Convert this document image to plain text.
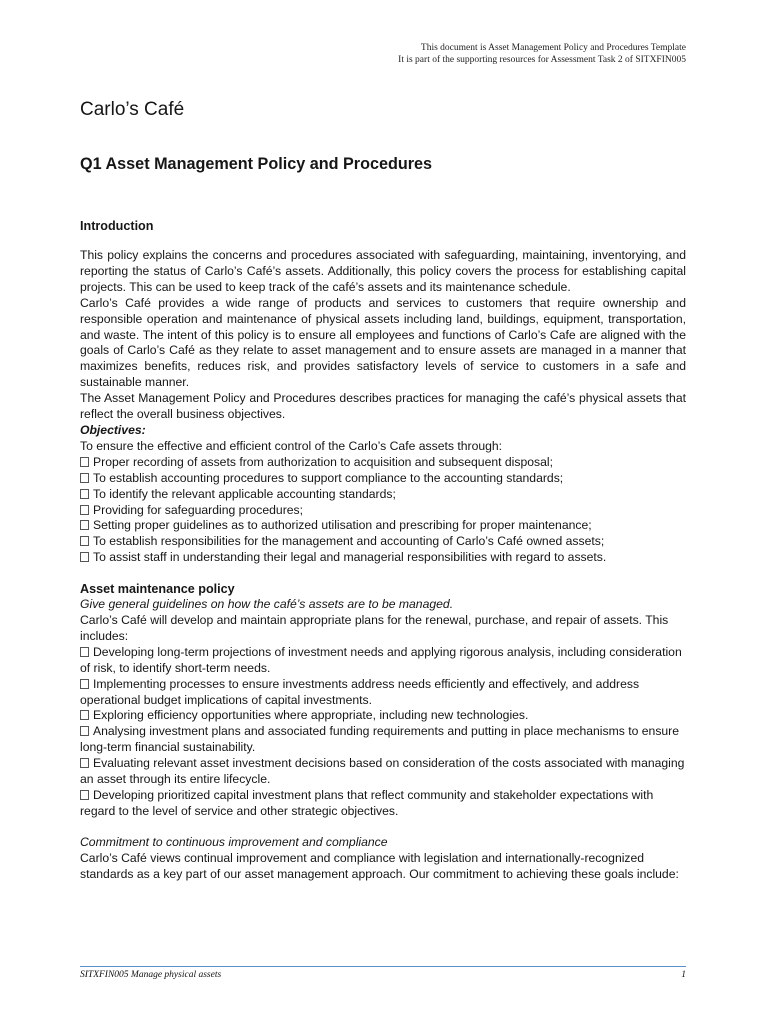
This document is Asset Management Policy and Procedures Template
It is part of the supporting resources for Assessment Task 2 of SITXFIN005
Carlo’s Café
Q1 Asset Management Policy and Procedures
Introduction

This policy explains the concerns and procedures associated with safeguarding, maintaining, inventorying, and reporting the status of Carlo’s Café’s assets. Additionally, this policy covers the process for establishing capital projects. This can be used to keep track of the café’s assets and its maintenance schedule.

Carlo’s Café provides a wide range of products and services to customers that require ownership and responsible operation and maintenance of physical assets including land, buildings, equipment, transportation, and waste. The intent of this policy is to ensure all employees and functions of Carlo’s Cafe are aligned with the goals of Carlo’s Café as they relate to asset management and to ensure assets are managed in a manner that maximizes benefits, reduces risk, and provides satisfactory levels of service to customers in a safe and sustainable manner.

The Asset Management Policy and Procedures describes practices for managing the café’s physical assets that reflect the overall business objectives.

Objectives:

To ensure the effective and efficient control of the Carlo’s Cafe assets through:

Proper recording of assets from authorization to acquisition and subsequent disposal;
To establish accounting procedures to support compliance to the accounting standards;
To identify the relevant applicable accounting standards;
Providing for safeguarding procedures;
Setting proper guidelines as to authorized utilisation and prescribing for proper maintenance;
To establish responsibilities for the management and accounting of Carlo’s Café owned assets;
To assist staff in understanding their legal and managerial responsibilities with regard to assets.
Asset maintenance policy

Give general guidelines on how the café’s assets are to be managed.

Carlo’s Café will develop and maintain appropriate plans for the renewal, purchase, and repair of assets. This includes:

Developing long-term projections of investment needs and applying rigorous analysis, including consideration of risk, to identify short-term needs.
Implementing processes to ensure investments address needs efficiently and effectively, and address operational budget implications of capital investments.
Exploring efficiency opportunities where appropriate, including new technologies.
Analysing investment plans and associated funding requirements and putting in place mechanisms to ensure long-term financial sustainability.
Evaluating relevant asset investment decisions based on consideration of the costs associated with managing an asset through its entire lifecycle.
Developing prioritized capital investment plans that reflect community and stakeholder expectations with regard to the level of service and other strategic objectives.
Commitment to continuous improvement and compliance

Carlo’s Café views continual improvement and compliance with legislation and internationally-recognized standards as a key part of our asset management approach. Our commitment to achieving these goals include:

SITXFIN005 Manage physical assets	1
